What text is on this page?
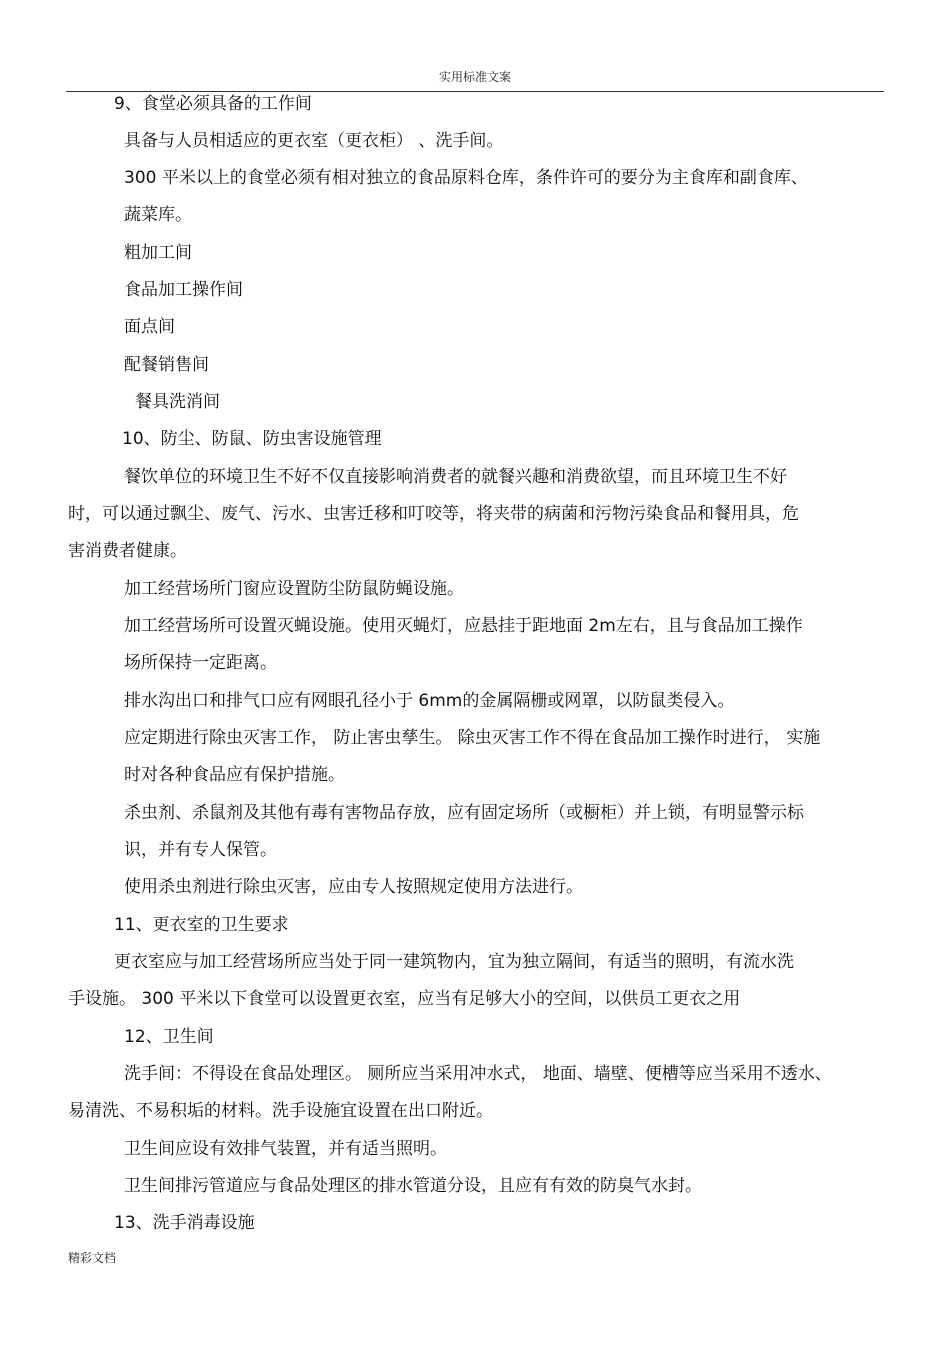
实用标准文案
9、食堂必须具备的工作间
具备与人员相适应的更衣室（更衣柜） 、洗手间。
300 平米以上的食堂必须有相对独立的食品原料仓库，条件许可的要分为主食库和副食库、
蔬菜库。
粗加工间
食品加工操作间
面点间
配餐销售间
餐具洗消间
10、防尘、防鼠、防虫害设施管理
餐饮单位的环境卫生不好不仅直接影响消费者的就餐兴趣和消费欲望，而且环境卫生不好
时，可以通过飘尘、废气、污水、虫害迁移和叮咬等，将夹带的病菌和污物污染食品和餐用具，危
害消费者健康。
加工经营场所门窗应设置防尘防鼠防蝇设施。
加工经营场所可设置灭蝇设施。使用灭蝇灯，应悬挂于距地面 2m左右，且与食品加工操作
场所保持一定距离。
排水沟出口和排气口应有网眼孔径小于 6mm的金属隔栅或网罩，以防鼠类侵入。
应定期进行除虫灭害工作， 防止害虫孳生。 除虫灭害工作不得在食品加工操作时进行， 实施
时对各种食品应有保护措施。
杀虫剂、杀鼠剂及其他有毒有害物品存放，应有固定场所（或橱柜）并上锁，有明显警示标
识，并有专人保管。
使用杀虫剂进行除虫灭害，应由专人按照规定使用方法进行。
11、更衣室的卫生要求
更衣室应与加工经营场所应当处于同一建筑物内，宜为独立隔间，有适当的照明，有流水洗
手设施。 300 平米以下食堂可以设置更衣室，应当有足够大小的空间，以供员工更衣之用
12、卫生间
洗手间：不得设在食品处理区。 厕所应当采用冲水式， 地面、墙壁、便槽等应当采用不透水、
易清洗、不易积垢的材料。洗手设施宜设置在出口附近。
卫生间应设有效排气装置，并有适当照明。
卫生间排污管道应与食品处理区的排水管道分设，且应有有效的防臭气水封。
13、洗手消毒设施
精彩文档
